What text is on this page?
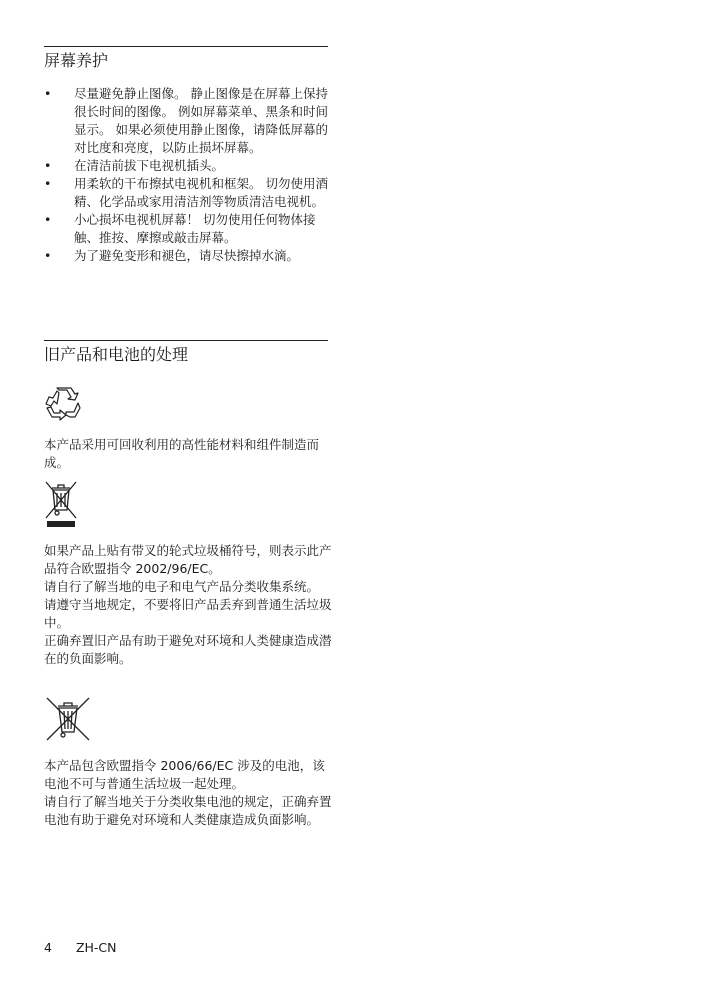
屏幕养护
• 尽量避免静止图像。 静止图像是在屏幕上保持很长时间的图像。 例如屏幕菜单、黑条和时间显示。 如果必须使用静止图像，请降低屏幕的对比度和亮度，以防止损坏屏幕。
• 在清洁前拔下电视机插头。
• 用柔软的干布擦拭电视机和框架。 切勿使用酒精、化学品或家用清洁剂等物质清洁电视机。
• 小心损坏电视机屏幕！ 切勿使用任何物体接触、推按、摩擦或敲击屏幕。
• 为了避免变形和褪色，请尽快擦掉水滴。
旧产品和电池的处理

本产品采用可回收利用的高性能材料和组件制造而成。

如果产品上贴有带叉的轮式垃圾桶符号，则表示此产品符合欧盟指令 2002/96/EC。

请自行了解当地的电子和电气产品分类收集系统。

请遵守当地规定，不要将旧产品丢弃到普通生活垃圾中。

正确弃置旧产品有助于避免对环境和人类健康造成潜在的负面影响。

本产品包含欧盟指令 2006/66/EC 涉及的电池，该电池不可与普通生活垃圾一起处理。

请自行了解当地关于分类收集电池的规定，正确弃置电池有助于避免对环境和人类健康造成负面影响。

4 ZH-CN
